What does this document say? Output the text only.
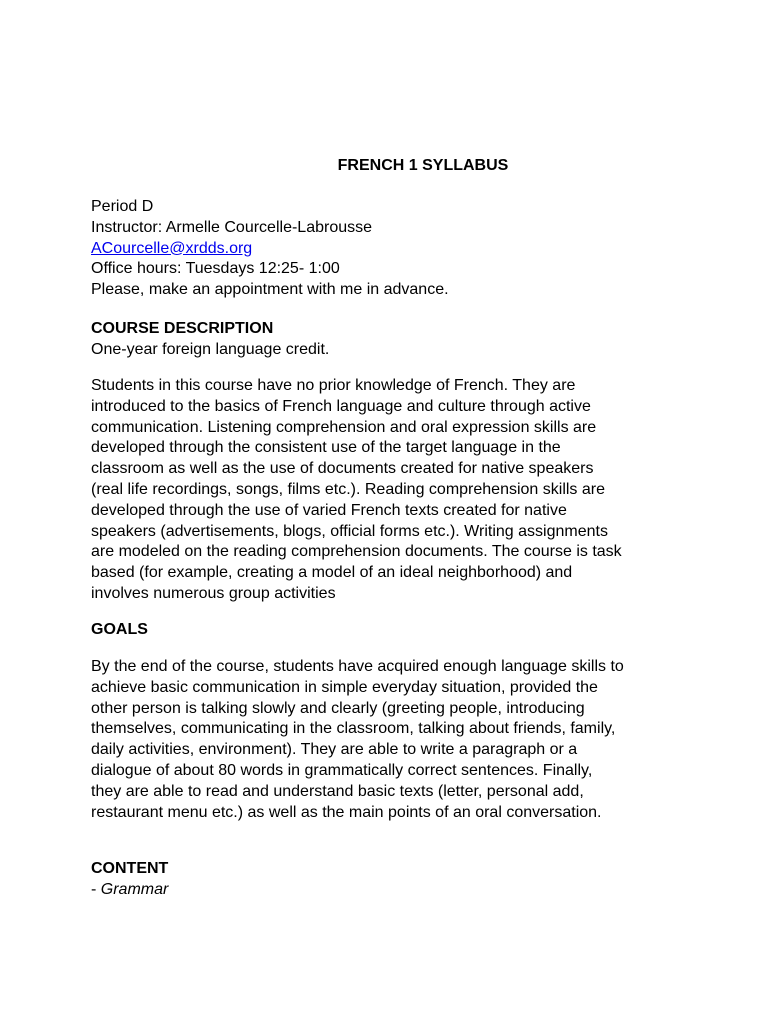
FRENCH 1 SYLLABUS
Period D
Instructor: Armelle Courcelle-Labrousse
ACourcelle@xrdds.org
Office hours: Tuesdays 12:25- 1:00
Please, make an appointment with me in advance.
COURSE DESCRIPTION
One-year foreign language credit.
Students in this course have no prior knowledge of French. They are
introduced to the basics of French language and culture through active
communication. Listening comprehension and oral expression skills are
developed through the consistent use of the target language in the
classroom as well as the use of documents created for native speakers
(real life recordings, songs, films etc.). Reading comprehension skills are
developed through the use of varied French texts created for native
speakers (advertisements, blogs, official forms etc.). Writing assignments
are modeled on the reading comprehension documents. The course is task
based (for example, creating a model of an ideal neighborhood) and
involves numerous group activities
GOALS
By the end of the course, students have acquired enough language skills to
achieve basic communication in simple everyday situation, provided the
other person is talking slowly and clearly (greeting people, introducing
themselves, communicating in the classroom, talking about friends, family,
daily activities, environment). They are able to write a paragraph or a
dialogue of about 80 words in grammatically correct sentences. Finally,
they are able to read and understand basic texts (letter, personal add,
restaurant menu etc.) as well as the main points of an oral conversation.
CONTENT
- Grammar
